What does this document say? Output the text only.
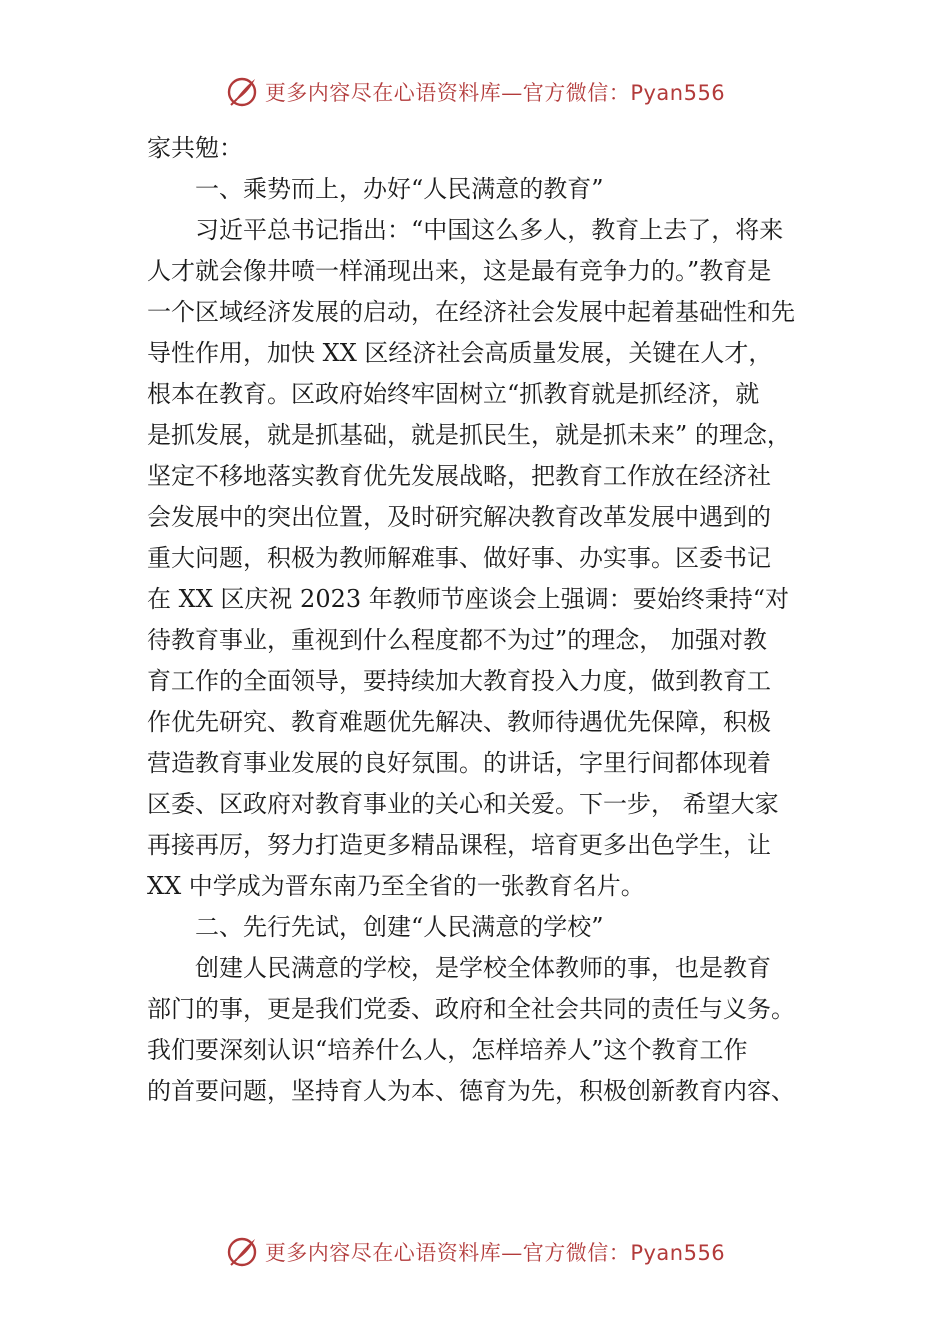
更多内容尽在心语资料库—官方微信：Pyan556
家共勉：
一、乘势而上，办好“人民满意的教育”
习近平总书记指出：“中国这么多人，教育上去了，将来
人才就会像井喷一样涌现出来，这是最有竞争力的。”教育是
一个区域经济发展的启动，在经济社会发展中起着基础性和先
导性作用，加快 XX 区经济社会高质量发展，关键在人才，
根本在教育。区政府始终牢固树立“抓教育就是抓经济，就
是抓发展，就是抓基础，就是抓民生，就是抓未来” 的理念，
坚定不移地落实教育优先发展战略，把教育工作放在经济社
会发展中的突出位置，及时研究解决教育改革发展中遇到的
重大问题，积极为教师解难事、做好事、办实事。区委书记
在 XX 区庆祝 2023 年教师节座谈会上强调：要始终秉持“对
待教育事业，重视到什么程度都不为过”的理念， 加强对教
育工作的全面领导，要持续加大教育投入力度，做到教育工
作优先研究、教育难题优先解决、教师待遇优先保障，积极
营造教育事业发展的良好氛围。的讲话，字里行间都体现着
区委、区政府对教育事业的关心和关爱。下一步， 希望大家
再接再厉，努力打造更多精品课程，培育更多出色学生，让
XX 中学成为晋东南乃至全省的一张教育名片。
二、先行先试，创建“人民满意的学校”
创建人民满意的学校，是学校全体教师的事，也是教育
部门的事，更是我们党委、政府和全社会共同的责任与义务。
我们要深刻认识“培养什么人，怎样培养人”这个教育工作
的首要问题，坚持育人为本、德育为先，积极创新教育内容、
更多内容尽在心语资料库—官方微信：Pyan556
